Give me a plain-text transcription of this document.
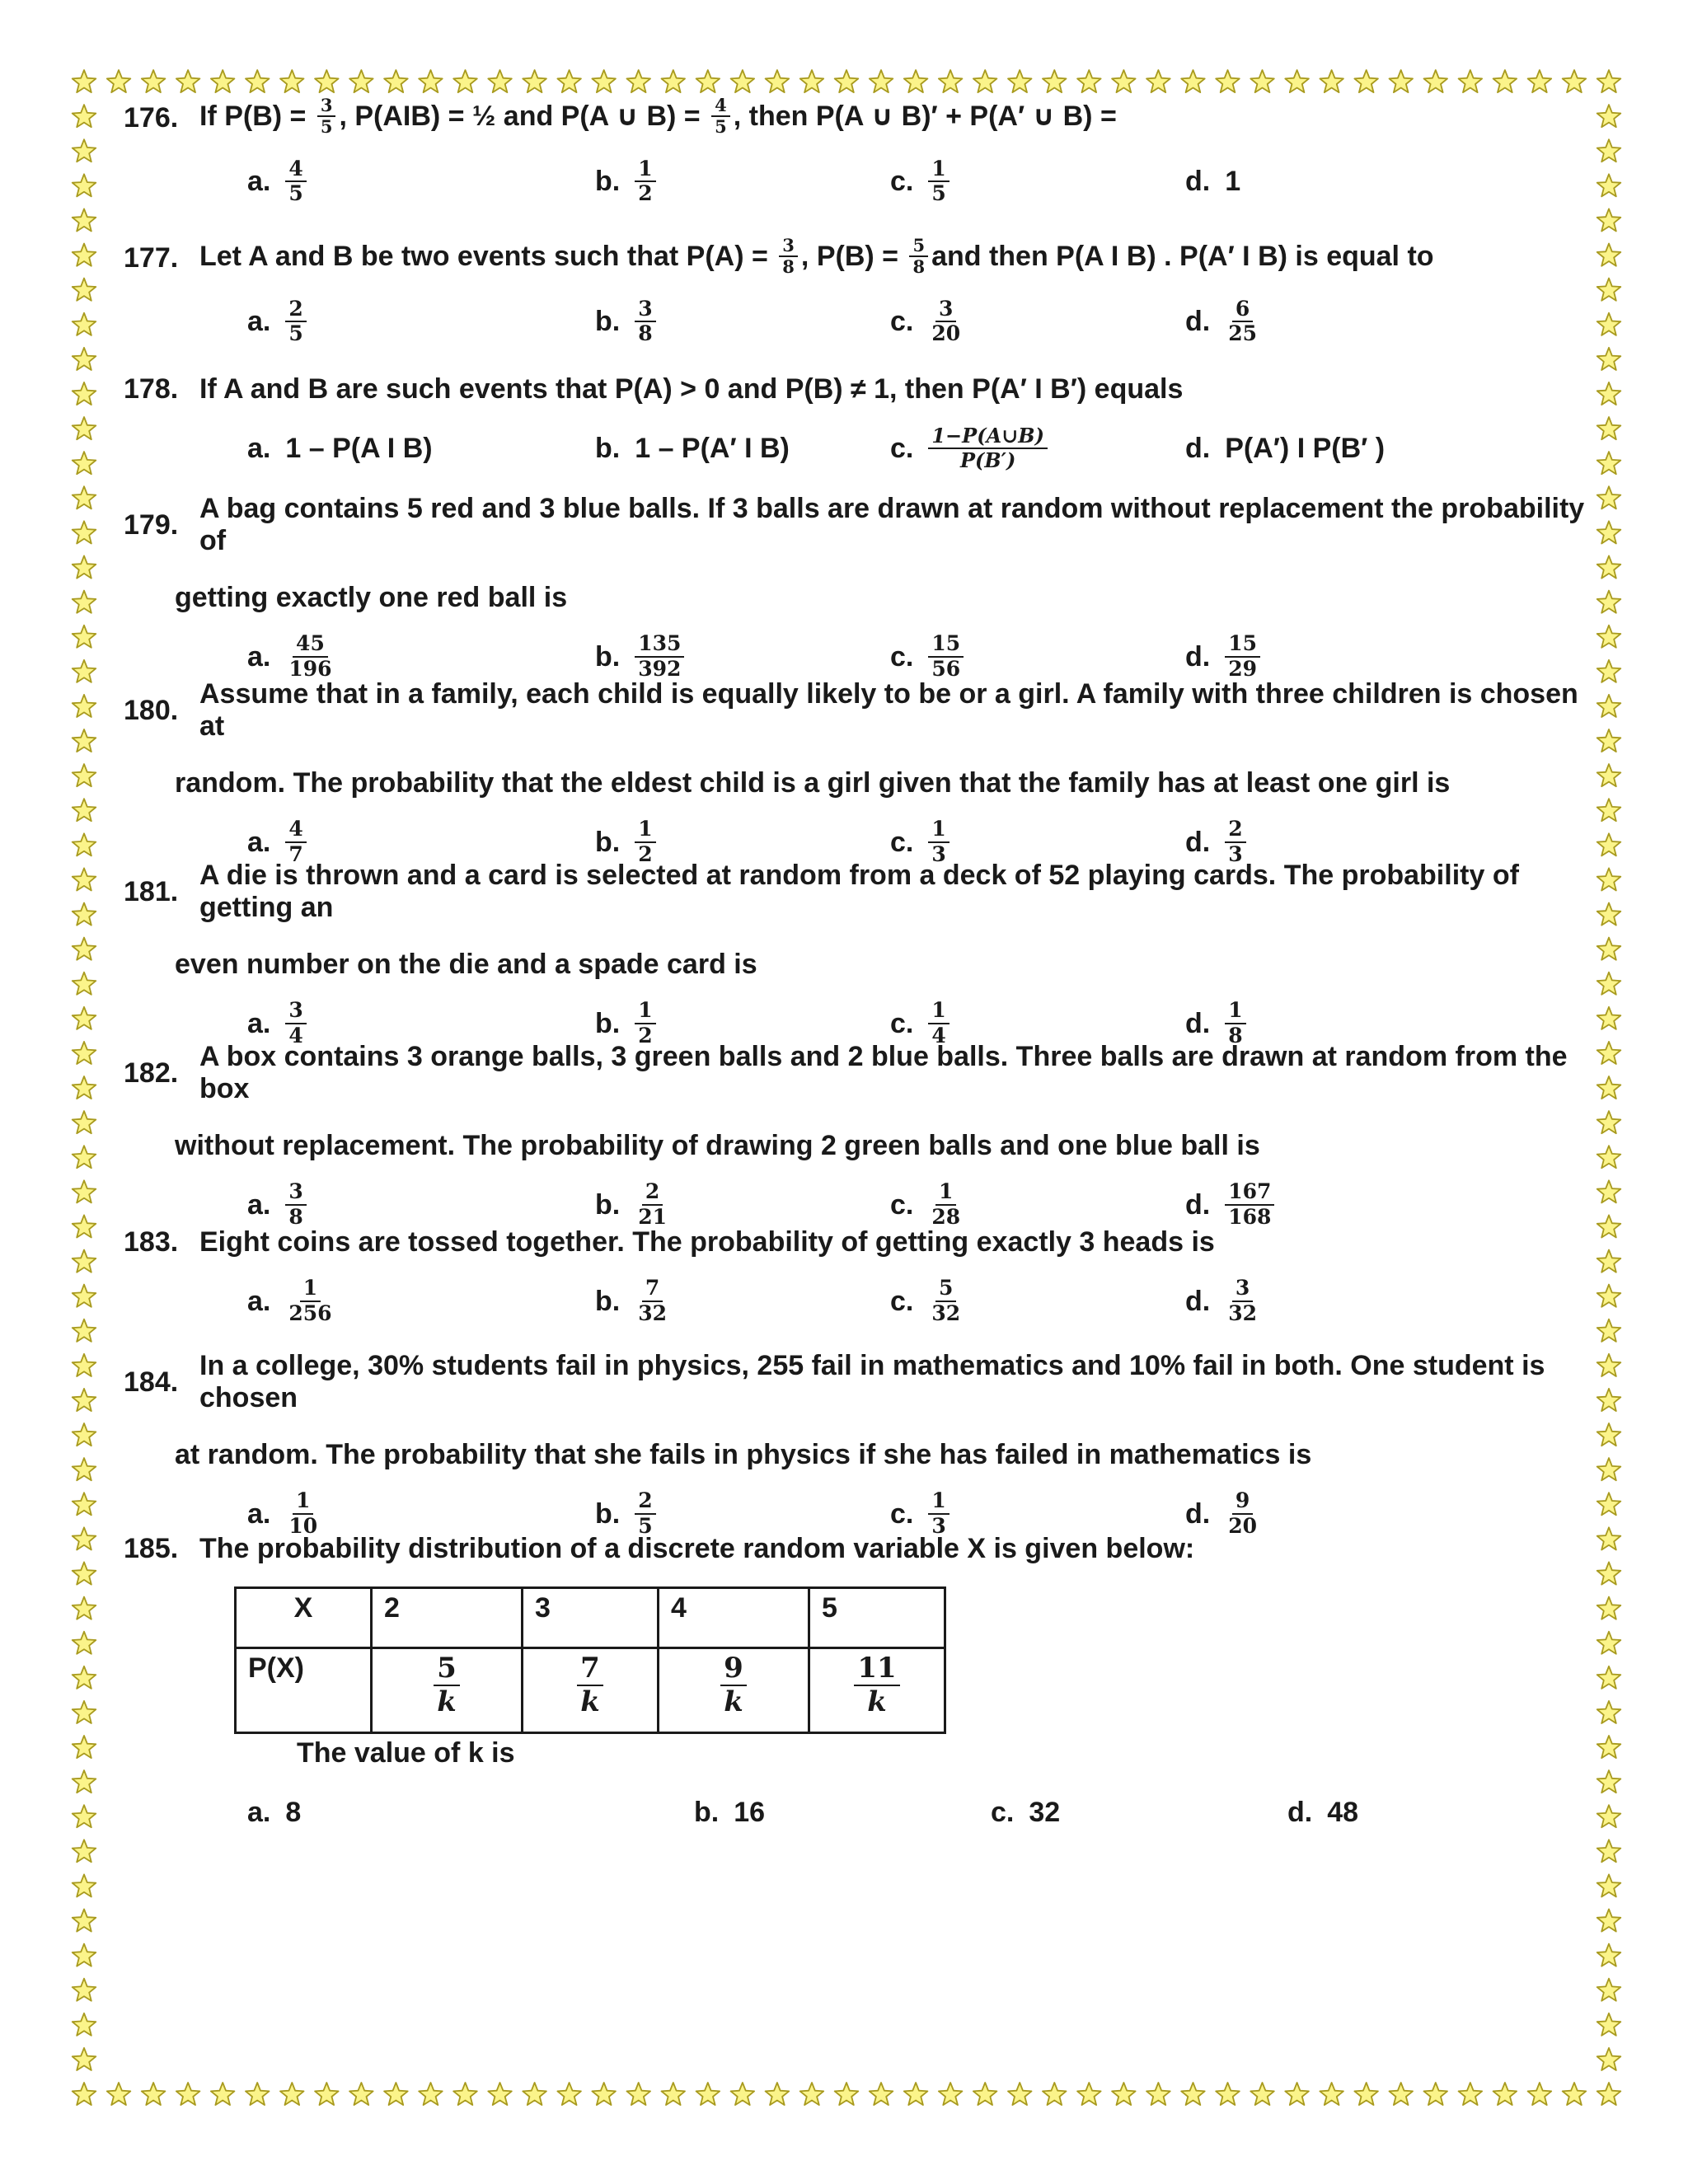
176. If $P(B) = \frac{3}{5}$ , P(AIB) = ½ and P(A ∪ $B) = \frac{4}{5}$ , then P(A ∪ B)′ + P(A′ ∪ B) =
a. $\frac{4}{5}$	b. $\frac{1}{2}$	c. $\frac{1}{5}$	d. 1
177. Let A and B be two events such that $P(A) = \frac{3}{8}$ , $P(B) = \frac{5}{8}$ and then P(A I B) . P(A′ I B) is equal to
a. $\frac{2}{5}$	b. $\frac{3}{8}$	c. $\frac{3}{20}$	d. $\frac{6}{25}$
178. If A and B are such events that P(A) > 0 and P(B) ≠ 1, then P(A′ I B′) equals
a. 1 – P(A I B)	b. 1 – P(A′ I B)	c. $\frac{1-P(A\cup B)}{P(B')}$	d. P(A′) I P(B′ )
179.
A bag contains 5 red and 3 blue balls. If 3 balls are drawn at random without replacement the probability of
getting exactly one red ball is
a. $\frac{45}{196}$	b. $\frac{135}{392}$	c. $\frac{15}{56}$	d. $\frac{15}{29}$
180.
Assume that in a family, each child is equally likely to be or a girl. A family with three children is chosen at
random. The probability that the eldest child is a girl given that the family has at least one girl is
a. $\frac{4}{7}$	b. $\frac{1}{2}$	c. $\frac{1}{3}$	d. $\frac{2}{3}$
181.
A die is thrown and a card is selected at random from a deck of 52 playing cards. The probability of getting an
even number on the die and a spade card is
a. $\frac{3}{4}$	b. $\frac{1}{2}$	c. $\frac{1}{4}$	d. $\frac{1}{8}$
182.
A box contains 3 orange balls, 3 green balls and 2 blue balls. Three balls are drawn at random from the box
without replacement. The probability of drawing 2 green balls and one blue ball is
a. $\frac{3}{8}$	b. $\frac{2}{21}$	c. $\frac{1}{28}$	d. $\frac{167}{168}$
183. Eight coins are tossed together. The probability of getting exactly 3 heads is
a. $\frac{1}{256}$	b. $\frac{7}{32}$	c. $\frac{5}{32}$	d. $\frac{3}{32}$
184.
In a college, 30% students fail in physics, 255 fail in mathematics and 10% fail in both. One student is chosen
at random. The probability that she fails in physics if she has failed in mathematics is
a. $\frac{1}{10}$	b. $\frac{2}{5}$	c. $\frac{1}{3}$	d. $\frac{9}{20}$
185. The probability distribution of a discrete random variable X is given below:
X	2	3	4	5
P(X)	$\frac{5}{k}$	$\frac{7}{k}$	$\frac{9}{k}$	$\frac{11}{k}$
The value of k is
a. 8	b. 16	c. 32	d. 48
